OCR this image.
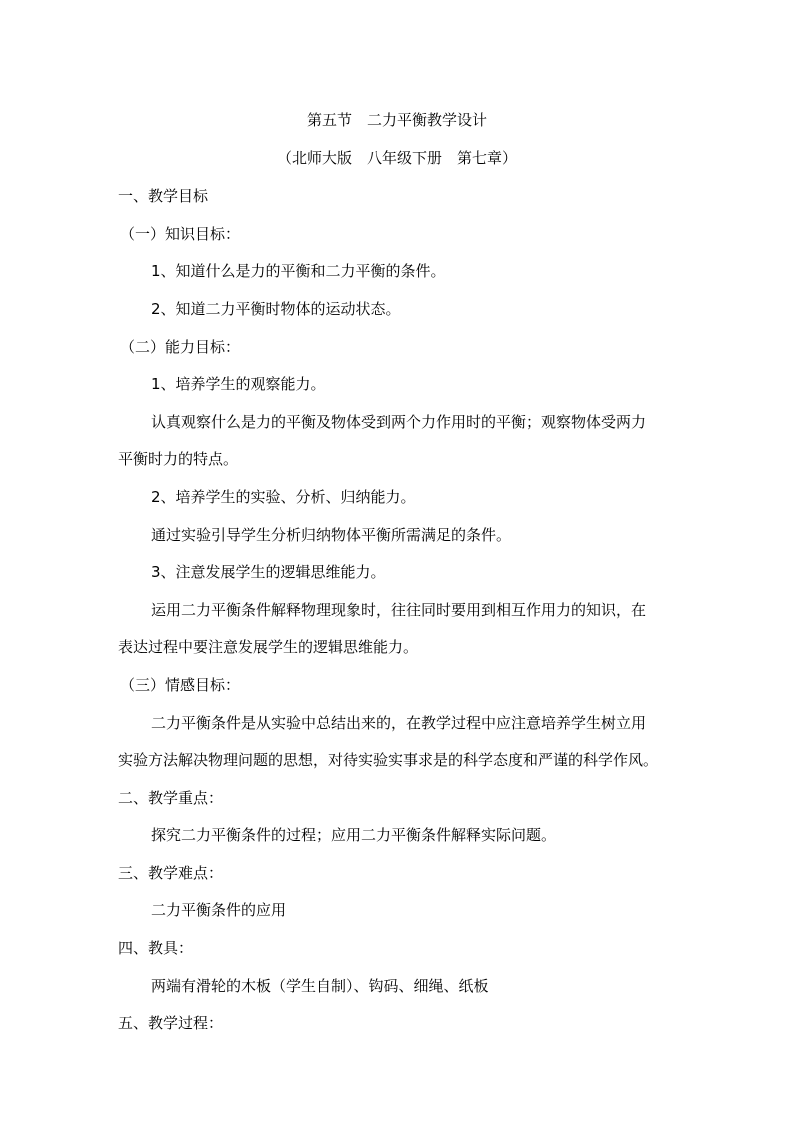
第五节　二力平衡教学设计
（北师大版　八年级下册　第七章）
一、教学目标
（一）知识目标：
1、知道什么是力的平衡和二力平衡的条件。
2、知道二力平衡时物体的运动状态。
（二）能力目标：
1、培养学生的观察能力。
认真观察什么是力的平衡及物体受到两个力作用时的平衡；观察物体受两力
平衡时力的特点。
2、培养学生的实验、分析、归纳能力。
通过实验引导学生分析归纳物体平衡所需满足的条件。
3、注意发展学生的逻辑思维能力。
运用二力平衡条件解释物理现象时，往往同时要用到相互作用力的知识，在
表达过程中要注意发展学生的逻辑思维能力。
（三）情感目标：
二力平衡条件是从实验中总结出来的，在教学过程中应注意培养学生树立用
实验方法解决物理问题的思想，对待实验实事求是的科学态度和严谨的科学作风。
二、教学重点：
探究二力平衡条件的过程；应用二力平衡条件解释实际问题。
三、教学难点：
二力平衡条件的应用
四、教具：
两端有滑轮的木板（学生自制）、钩码、细绳、纸板
五、教学过程：
